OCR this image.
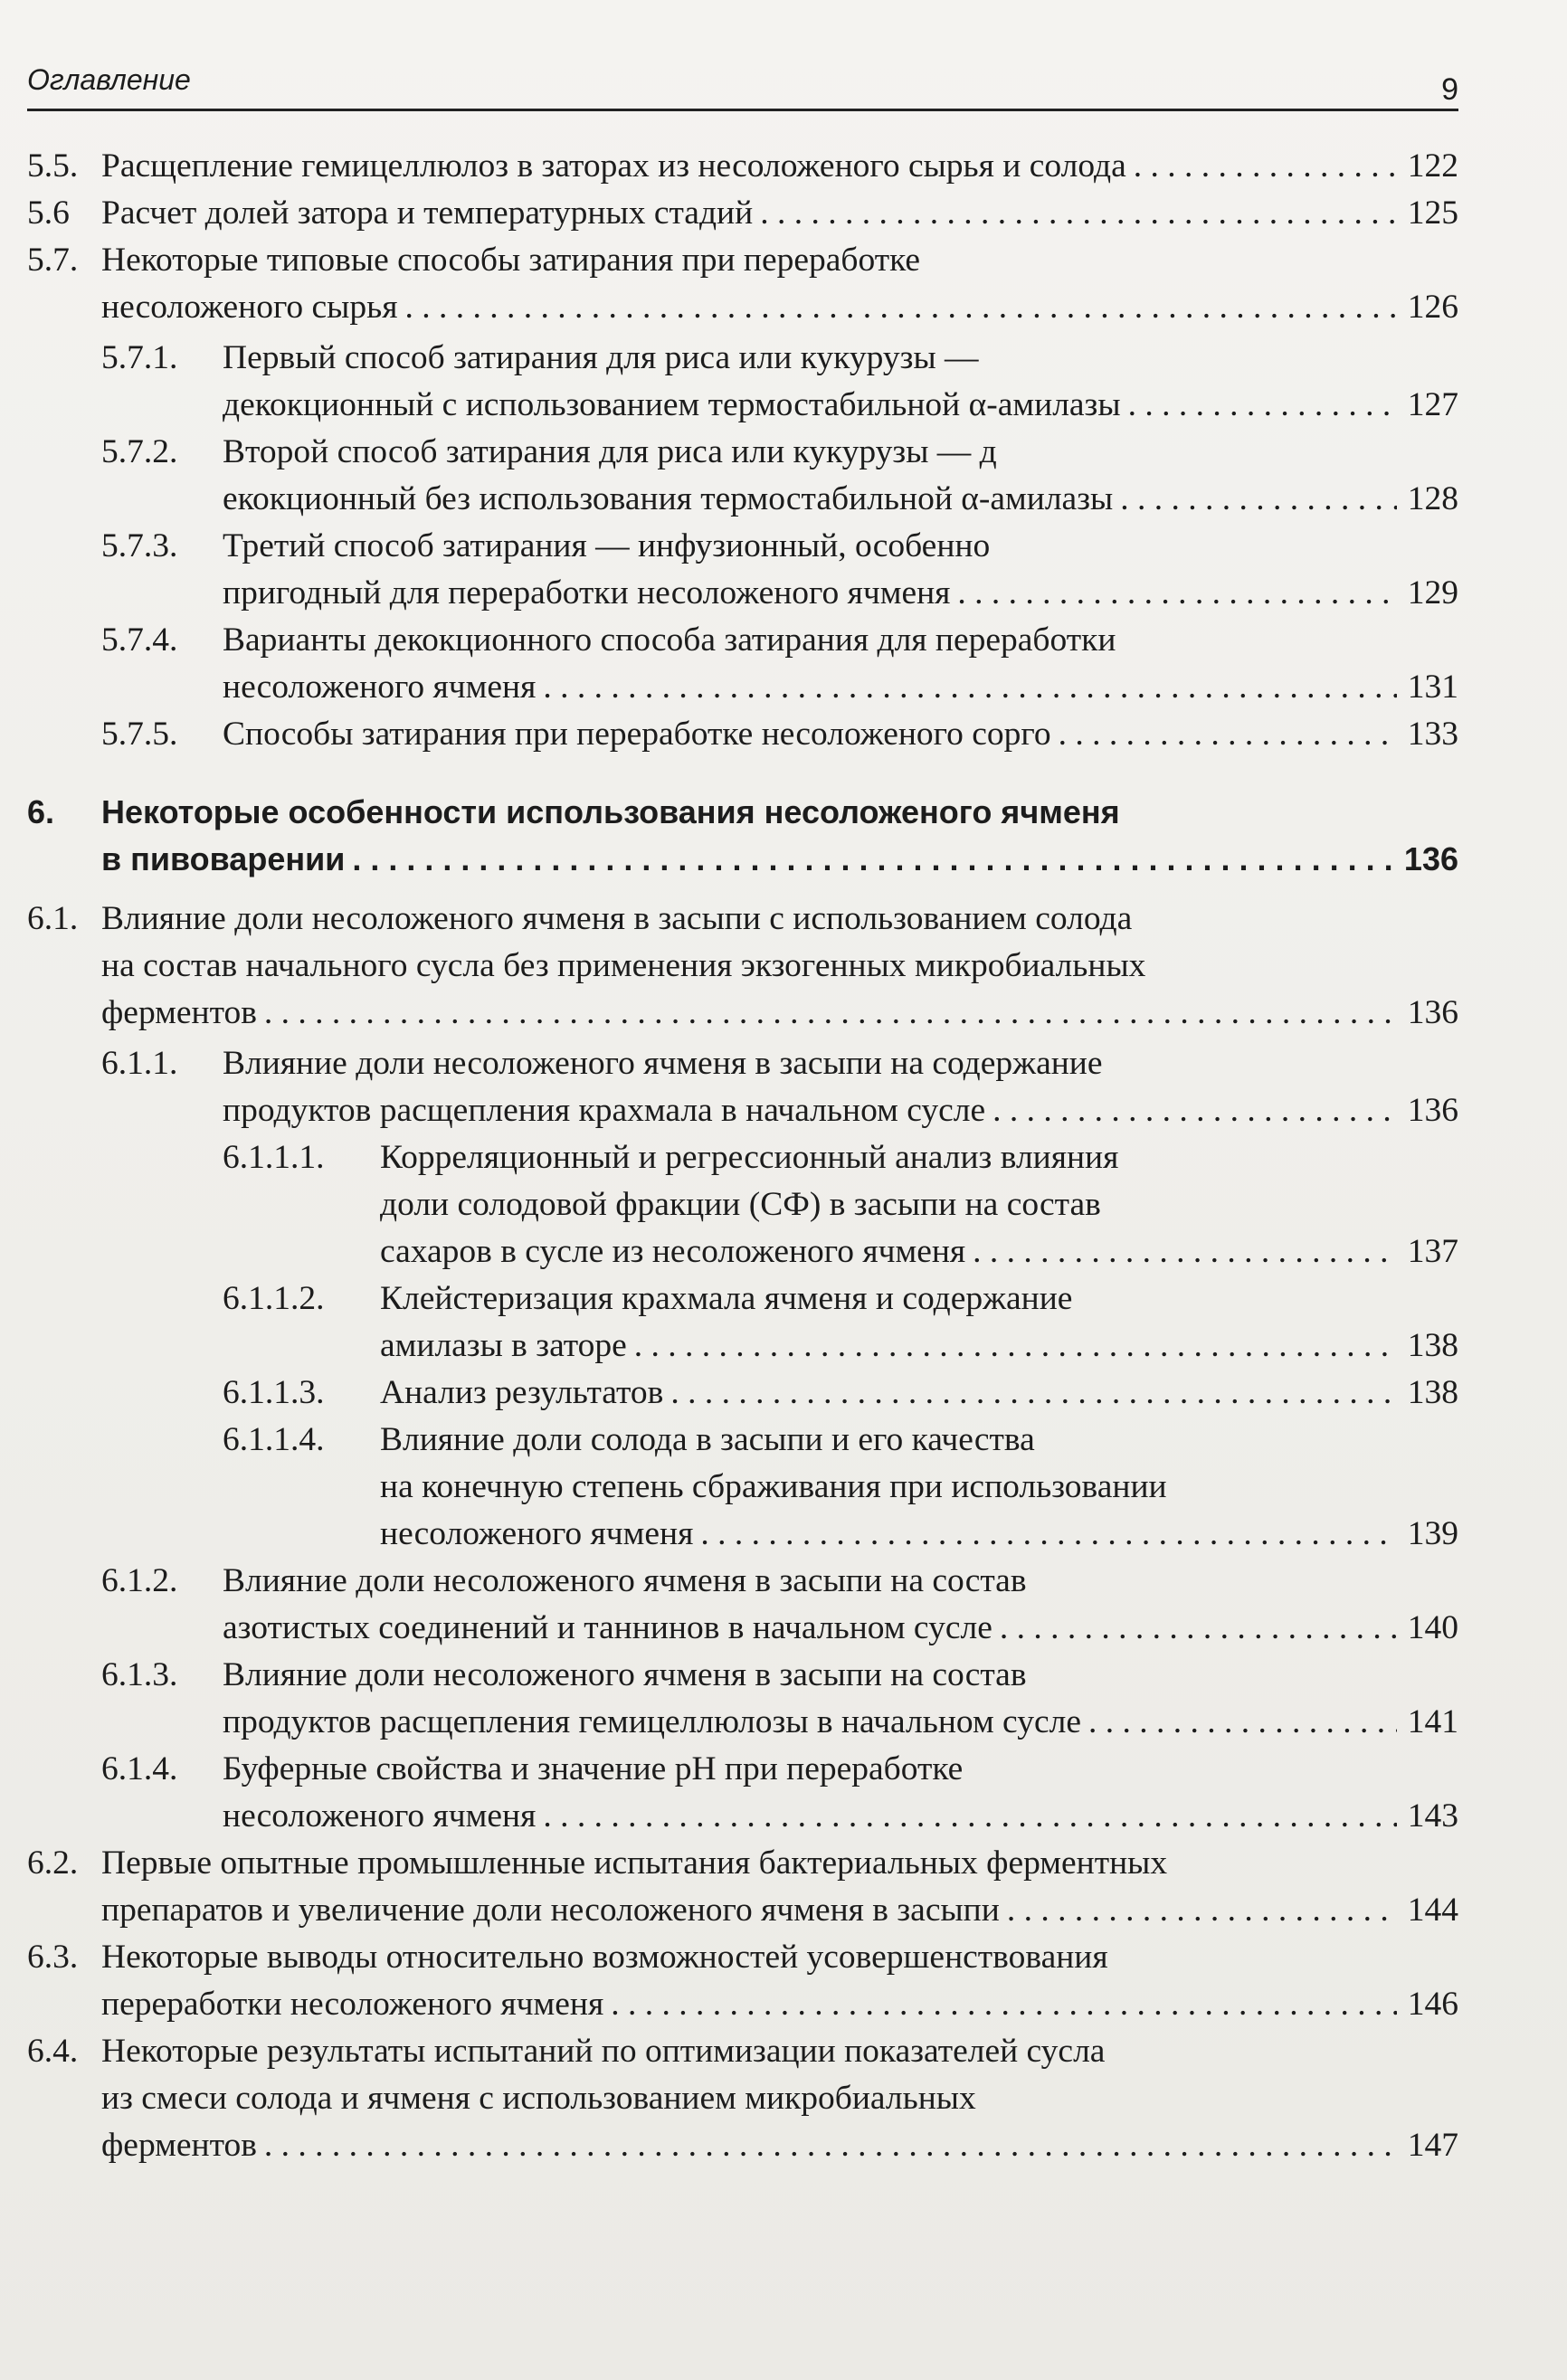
Оглавление	9
5.5. Расщепление гемицеллюлоз в заторах из несоложеного сырья и солода . . .	122
5.6 Расчет долей затора и температурных стадий . . .	125
5.7. Некоторые типовые способы затирания при переработке
несоложеного сырья . . .	126
5.7.1. Первый способ затирания для риса или кукурузы —
декокционный с использованием термостабильной α-амилазы . . .	127
5.7.2. Второй способ затирания для риса или кукурузы — д
екокционный без использования термостабильной α-амилазы . . .	128
5.7.3. Третий способ затирания — инфузионный, особенно
пригодный для переработки несоложеного ячменя . . .	129
5.7.4. Варианты декокционного способа затирания для переработки
несоложеного ячменя . . .	131
5.7.5. Способы затирания при переработке несоложеного сорго . . .	133
6. Некоторые особенности использования несоложеного ячменя
в пивоварении . . .	136
6.1. Влияние доли несоложеного ячменя в засыпи с использованием солода
на состав начального сусла без применения экзогенных микробиальных
ферментов . . .	136
6.1.1. Влияние доли несоложеного ячменя в засыпи на содержание
продуктов расщепления крахмала в начальном сусле . . .	136
6.1.1.1. Корреляционный и регрессионный анализ влияния
доли солодовой фракции (СФ) в засыпи на состав
сахаров в сусле из несоложеного ячменя . . .	137
6.1.1.2. Клейстеризация крахмала ячменя и содержание
амилазы в заторе . . .	138
6.1.1.3. Анализ результатов . . .	138
6.1.1.4. Влияние доли солода в засыпи и его качества
на конечную степень сбраживания при использовании
несоложеного ячменя . . .	139
6.1.2. Влияние доли несоложеного ячменя в засыпи на состав
азотистых соединений и таннинов в начальном сусле . . .	140
6.1.3. Влияние доли несоложеного ячменя в засыпи на состав
продуктов расщепления гемицеллюлозы в начальном сусле . . .	141
6.1.4. Буферные свойства и значение рН при переработке
несоложеного ячменя . . .	143
6.2. Первые опытные промышленные испытания бактериальных ферментных
препаратов и увеличение доли несоложеного ячменя в засыпи . . .	144
6.3. Некоторые выводы относительно возможностей усовершенствования
переработки несоложеного ячменя . . .	146
6.4. Некоторые результаты испытаний по оптимизации показателей сусла
из смеси солода и ячменя с использованием микробиальных
ферментов . . .	147
